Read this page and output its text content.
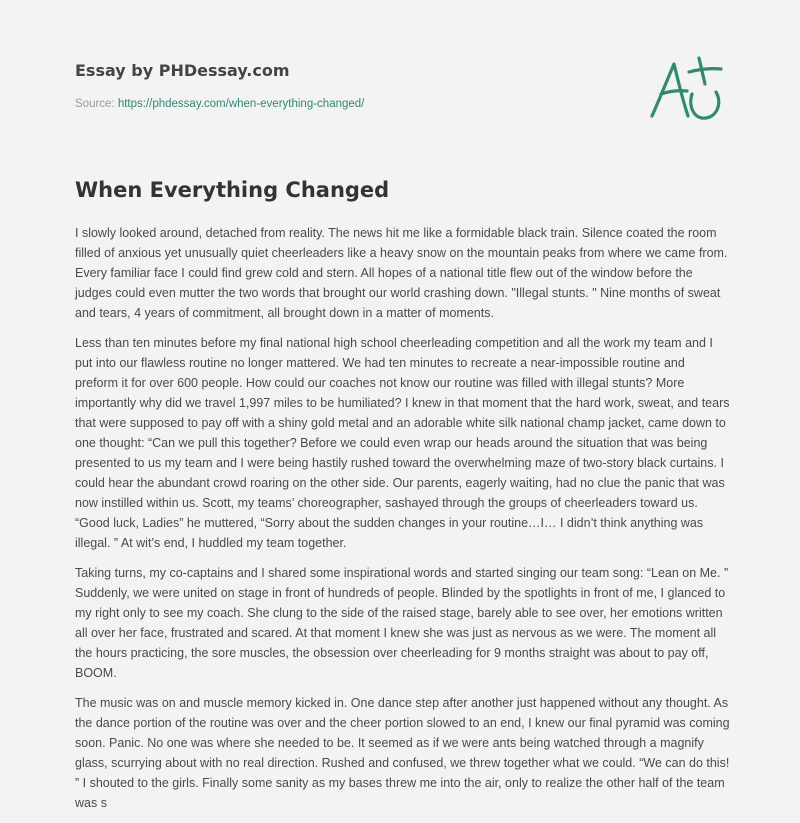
Essay by PHDessay.com
Source: https://phdessay.com/when-everything-changed/
When Everything Changed

I slowly looked around, detached from reality. The news hit me like a formidable black train. Silence coated the room filled of anxious yet unusually quiet cheerleaders like a heavy snow on the mountain peaks from where we came from. Every familiar face I could find grew cold and stern. All hopes of a national title flew out of the window before the judges could even mutter the two words that brought our world crashing down. "Illegal stunts. " Nine months of sweat and tears, 4 years of commitment, all brought down in a matter of moments.

Less than ten minutes before my final national high school cheerleading competition and all the work my team and I put into our flawless routine no longer mattered. We had ten minutes to recreate a near-impossible routine and preform it for over 600 people. How could our coaches not know our routine was filled with illegal stunts? More importantly why did we travel 1,997 miles to be humiliated? I knew in that moment that the hard work, sweat, and tears that were supposed to pay off with a shiny gold metal and an adorable white silk national champ jacket, came down to one thought: “Can we pull this together? Before we could even wrap our heads around the situation that was being presented to us my team and I were being hastily rushed toward the overwhelming maze of two-story black curtains. I could hear the abundant crowd roaring on the other side. Our parents, eagerly waiting, had no clue the panic that was now instilled within us. Scott, my teams’ choreographer, sashayed through the groups of cheerleaders toward us. “Good luck, Ladies” he muttered, “Sorry about the sudden changes in your routine…I… I didn’t think anything was illegal. ” At wit’s end, I huddled my team together.

Taking turns, my co-captains and I shared some inspirational words and started singing our team song: “Lean on Me. ” Suddenly, we were united on stage in front of hundreds of people. Blinded by the spotlights in front of me, I glanced to my right only to see my coach. She clung to the side of the raised stage, barely able to see over, her emotions written all over her face, frustrated and scared. At that moment I knew she was just as nervous as we were. The moment all the hours practicing, the sore muscles, the obsession over cheerleading for 9 months straight was about to pay off, BOOM.

The music was on and muscle memory kicked in. One dance step after another just happened without any thought. As the dance portion of the routine was over and the cheer portion slowed to an end, I knew our final pyramid was coming soon. Panic. No one was where she needed to be. It seemed as if we were ants being watched through a magnify glass, scurrying about with no real direction. Rushed and confused, we threw together what we could. “We can do this! ” I shouted to the girls. Finally some sanity as my bases threw me into the air, only to realize the other half of the team was s
